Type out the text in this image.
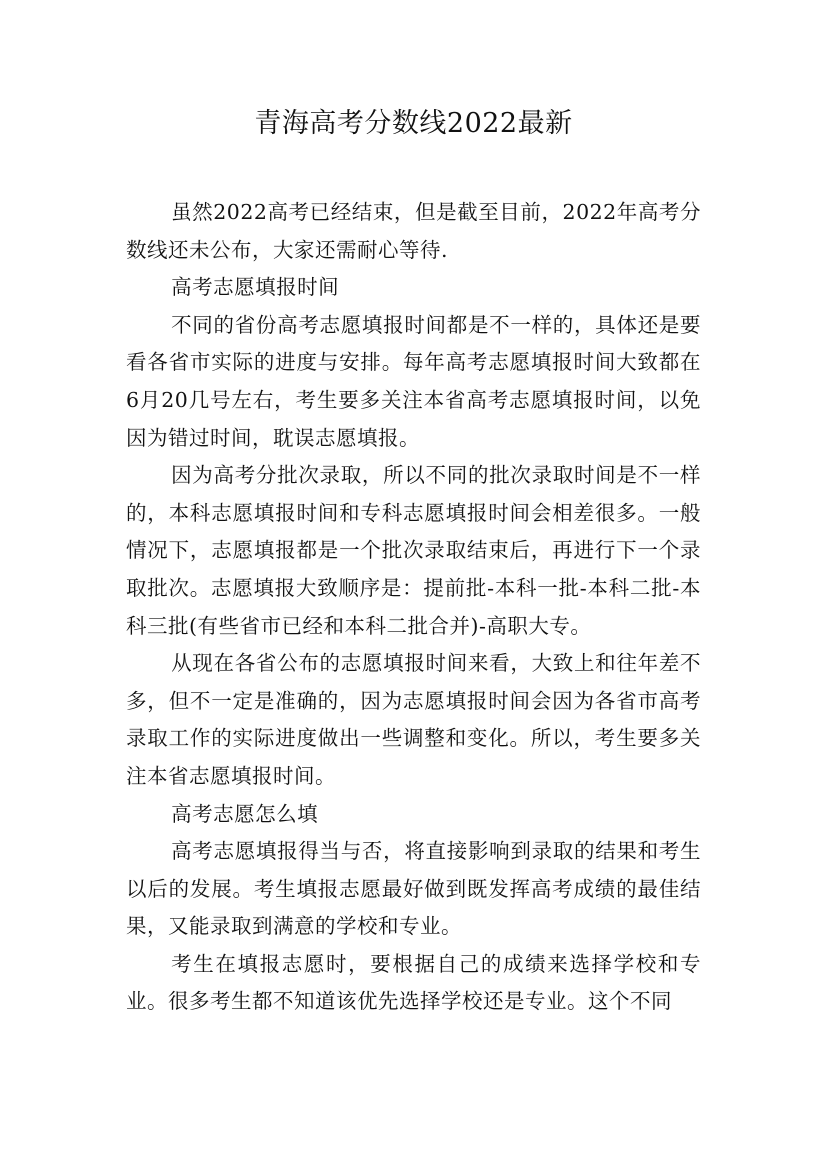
青海高考分数线2022最新

虽然2022高考已经结束，但是截至目前，2022年高考分数线还未公布，大家还需耐心等待.

高考志愿填报时间

不同的省份高考志愿填报时间都是不一样的，具体还是要看各省市实际的进度与安排。每年高考志愿填报时间大致都在6月20几号左右，考生要多关注本省高考志愿填报时间，以免因为错过时间，耽误志愿填报。

因为高考分批次录取，所以不同的批次录取时间是不一样的，本科志愿填报时间和专科志愿填报时间会相差很多。一般情况下，志愿填报都是一个批次录取结束后，再进行下一个录取批次。志愿填报大致顺序是：提前批-本科一批-本科二批-本科三批(有些省市已经和本科二批合并)-高职大专。

从现在各省公布的志愿填报时间来看，大致上和往年差不多，但不一定是准确的，因为志愿填报时间会因为各省市高考录取工作的实际进度做出一些调整和变化。所以，考生要多关注本省志愿填报时间。

高考志愿怎么填

高考志愿填报得当与否，将直接影响到录取的结果和考生以后的发展。考生填报志愿最好做到既发挥高考成绩的最佳结果，又能录取到满意的学校和专业。

考生在填报志愿时，要根据自己的成绩来选择学校和专业。很多考生都不知道该优先选择学校还是专业。这个不同
